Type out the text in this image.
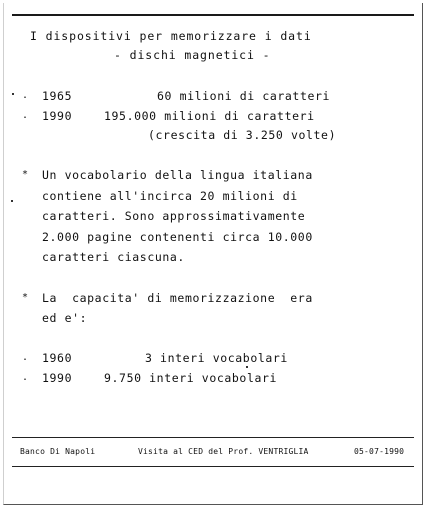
I dispositivi per memorizzare i dati
- dischi magnetici -
. 1965	60 milioni di caratteri
. 1990	195.000 milioni di caratteri
(crescita di 3.250 volte)
* Un vocabolario della lingua italiana
contiene all'incirca 20 milioni di
caratteri. Sono approssimativamente
2.000 pagine contenenti circa 10.000
caratteri ciascuna.
* La  capacita' di memorizzazione  era
ed e':
. 1960	3 interi vocabolari
. 1990	9.750 interi vocabolari
Banco Di Napoli	Visita al CED del Prof. VENTRIGLIA	05-07-1990
